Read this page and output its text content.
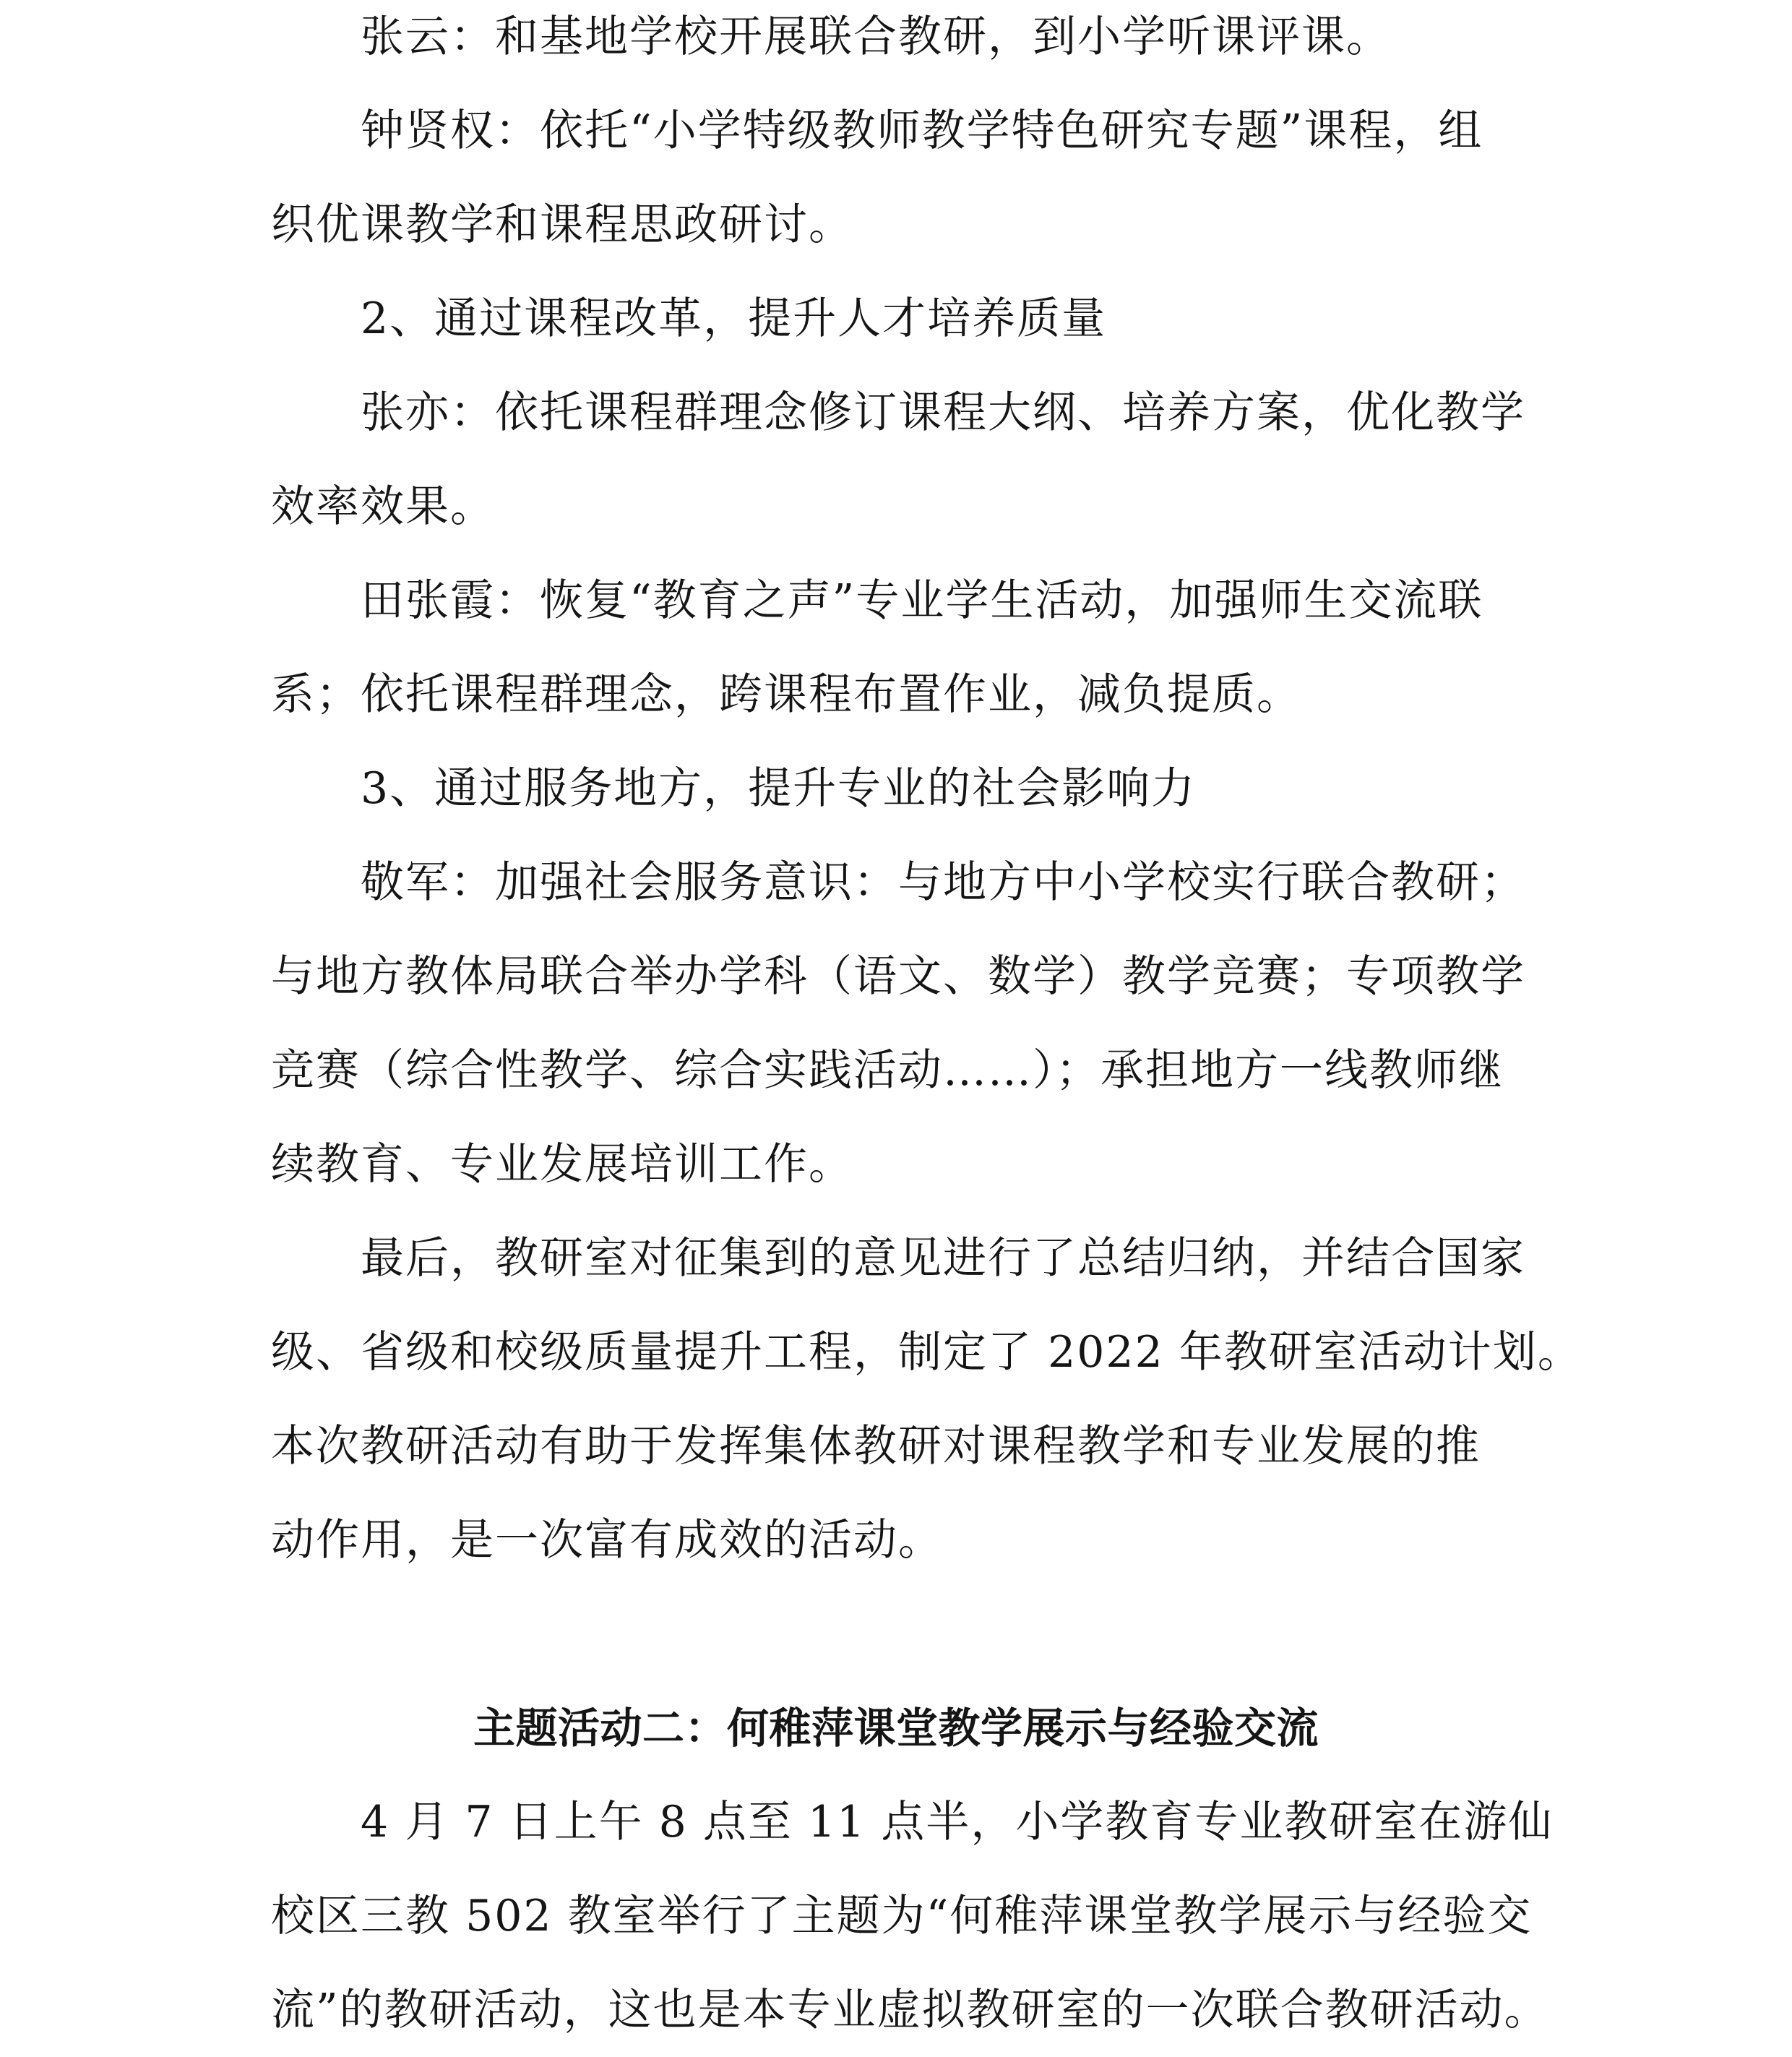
张云：和基地学校开展联合教研，到小学听课评课。
钟贤权：依托“小学特级教师教学特色研究专题”课程，组
织优课教学和课程思政研讨。
2、通过课程改革，提升人才培养质量
张亦：依托课程群理念修订课程大纲、培养方案，优化教学
效率效果。
田张霞：恢复“教育之声”专业学生活动，加强师生交流联
系；依托课程群理念，跨课程布置作业，减负提质。
3、通过服务地方，提升专业的社会影响力
敬军：加强社会服务意识：与地方中小学校实行联合教研；
与地方教体局联合举办学科（语文、数学）教学竞赛；专项教学
竞赛（综合性教学、综合实践活动……）；承担地方一线教师继
续教育、专业发展培训工作。
最后，教研室对征集到的意见进行了总结归纳，并结合国家
级、省级和校级质量提升工程，制定了 2022 年教研室活动计划。
本次教研活动有助于发挥集体教研对课程教学和专业发展的推
动作用，是一次富有成效的活动。
主题活动二：何稚萍课堂教学展示与经验交流
4 月 7 日上午 8 点至 11 点半，小学教育专业教研室在游仙
校区三教 502 教室举行了主题为“何稚萍课堂教学展示与经验交
流”的教研活动，这也是本专业虚拟教研室的一次联合教研活动。
